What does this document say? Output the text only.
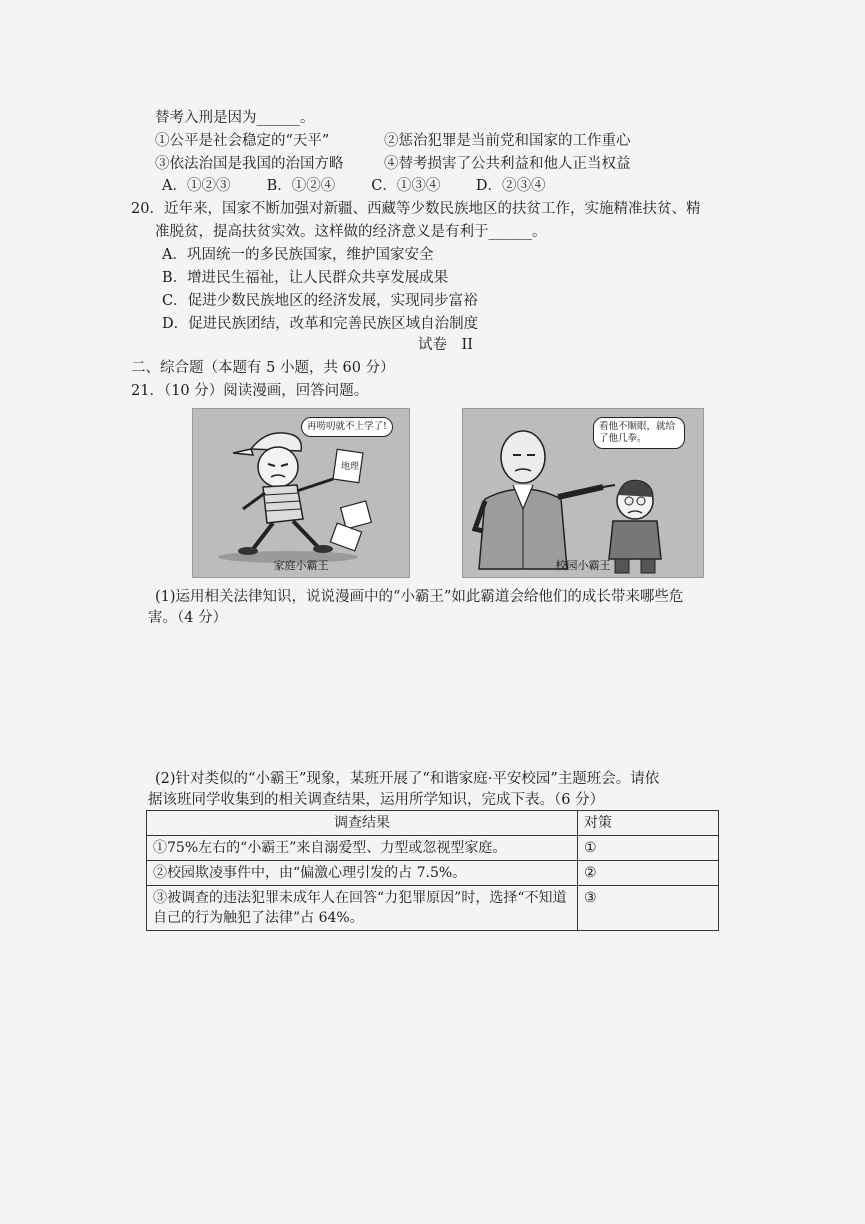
替考入刑是因为______。
①公平是社会稳定的“天平”	②惩治犯罪是当前党和国家的工作重心
③依法治国是我国的治国方略	④替考损害了公共利益和他人正当权益
A．①②③ B．①②④ C．①③④ D．②③④
20．近年来，国家不断加强对新疆、西藏等少数民族地区的扶贫工作，实施精准扶贫、精
准脱贫，提高扶贫实效。这样做的经济意义是有利于______。
A．巩固统一的多民族国家，维护国家安全
B．增进民生福祉，让人民群众共享发展成果
C．促进少数民族地区的经济发展，实现同步富裕
D．促进民族团结，改革和完善民族区域自治制度
试卷　II
二、综合题（本题有 5 小题，共 60 分）
21．（10 分）阅读漫画，回答问题。
再唠叨就不上学了!
地理
家庭小霸王
看他不顺眼，就给了他几拳。
校园小霸王
(1)运用相关法律知识，说说漫画中的“小霸王”如此霸道会给他们的成长带来哪些危
害。（4 分）
(2)针对类似的“小霸王”现象，某班开展了“和谐家庭·平安校园”主题班会。请依
据该班同学收集到的相关调查结果，运用所学知识，完成下表。（6 分）
调查结果	对策
①75%左右的“小霸王”来自溺爱型、力型或忽视型家庭。	①
②校园欺凌事件中，由“偏激心理引发的占 7.5%。	②
③被调查的违法犯罪未成年人在回答“力犯罪原因”时，选择“不知道自己的行为触犯了法律”占 64%。	③
